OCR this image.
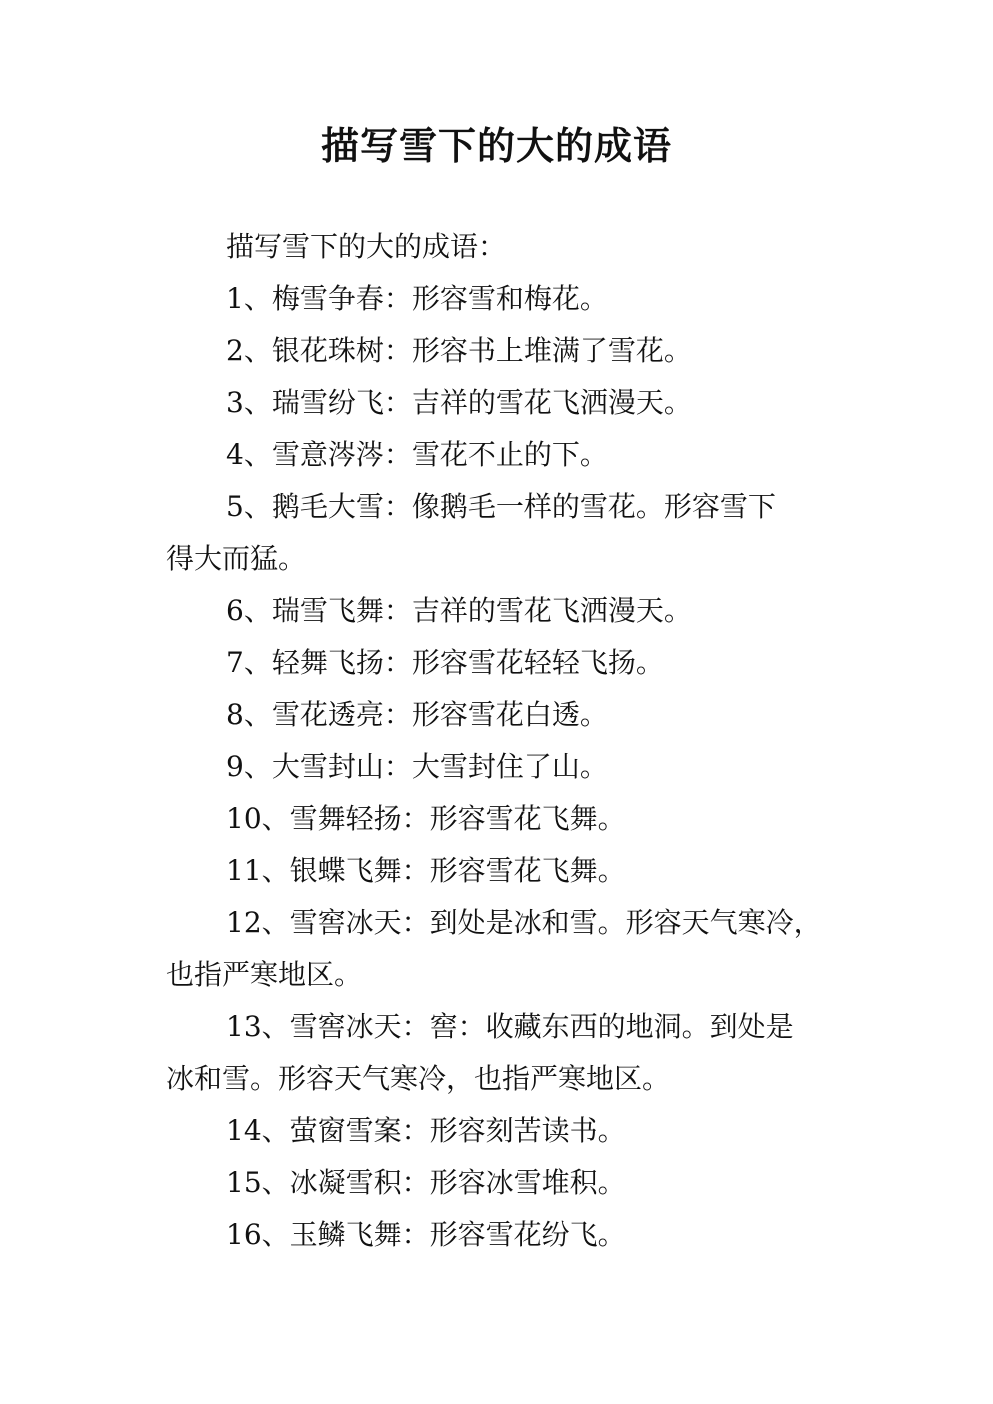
描写雪下的大的成语

描写雪下的大的成语：

1、梅雪争春：形容雪和梅花。

2、银花珠树：形容书上堆满了雪花。

3、瑞雪纷飞：吉祥的雪花飞洒漫天。

4、雪意涔涔：雪花不止的下。

5、鹅毛大雪：像鹅毛一样的雪花。形容雪下
得大而猛。

6、瑞雪飞舞：吉祥的雪花飞洒漫天。

7、轻舞飞扬：形容雪花轻轻飞扬。

8、雪花透亮：形容雪花白透。

9、大雪封山：大雪封住了山。

10、雪舞轻扬：形容雪花飞舞。

11、银蝶飞舞：形容雪花飞舞。

12、雪窖冰天：到处是冰和雪。形容天气寒冷，
也指严寒地区。

13、雪窖冰天：窖：收藏东西的地洞。到处是
冰和雪。形容天气寒冷，也指严寒地区。

14、萤窗雪案：形容刻苦读书。

15、冰凝雪积：形容冰雪堆积。

16、玉鳞飞舞：形容雪花纷飞。
